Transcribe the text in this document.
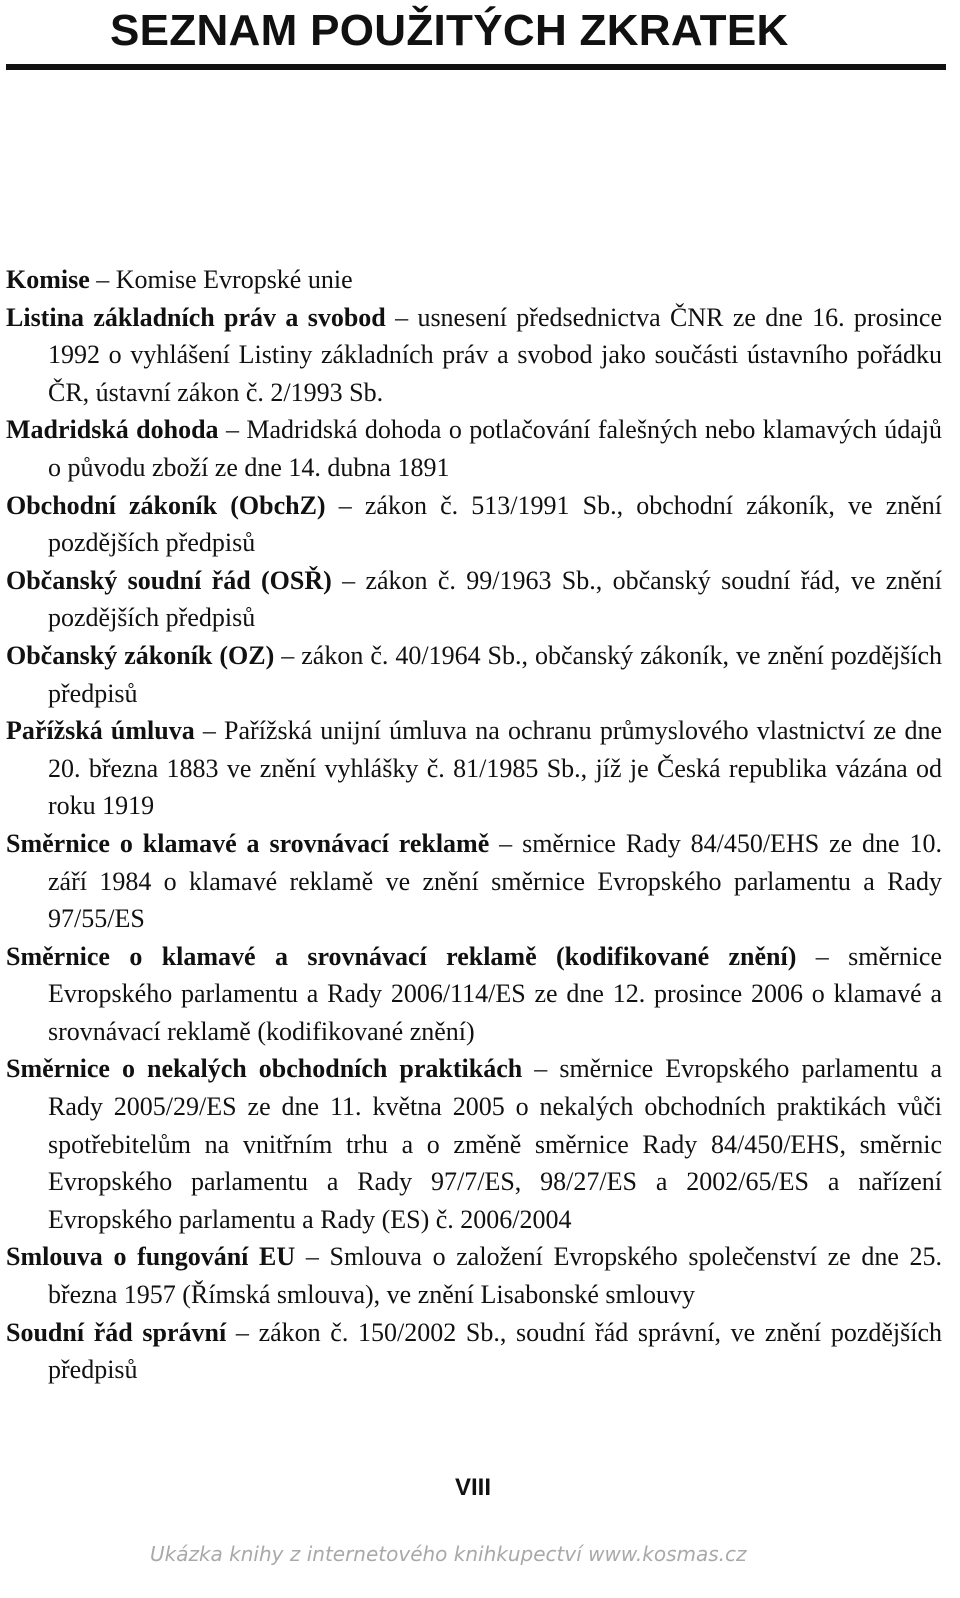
SEZNAM POUŽITÝCH ZKRATEK
Komise – Komise Evropské unie
Listina základních práv a svobod – usnesení předsednictva ČNR ze dne 16. prosince 1992 o vyhlášení Listiny základních práv a svobod jako součásti ústavního pořádku ČR, ústavní zákon č. 2/1993 Sb.
Madridská dohoda – Madridská dohoda o potlačování falešných nebo klamavých údajů o původu zboží ze dne 14. dubna 1891
Obchodní zákoník (ObchZ) – zákon č. 513/1991 Sb., obchodní zákoník, ve znění pozdějších předpisů
Občanský soudní řád (OSŘ) – zákon č. 99/1963 Sb., občanský soudní řád, ve znění pozdějších předpisů
Občanský zákoník (OZ) – zákon č. 40/1964 Sb., občanský zákoník, ve znění pozdějších předpisů
Pařížská úmluva – Pařížská unijní úmluva na ochranu průmyslového vlastnictví ze dne 20. března 1883 ve znění vyhlášky č. 81/1985 Sb., jíž je Česká republika vázána od roku 1919
Směrnice o klamavé a srovnávací reklamě – směrnice Rady 84/450/EHS ze dne 10. září 1984 o klamavé reklamě ve znění směrnice Evropského parlamentu a Rady 97/55/ES
Směrnice o klamavé a srovnávací reklamě (kodifikované znění) – směrnice Evropského parlamentu a Rady 2006/114/ES ze dne 12. prosince 2006 o klamavé a srovnávací reklamě (kodifikované znění)
Směrnice o nekalých obchodních praktikách – směrnice Evropského parlamentu a Rady 2005/29/ES ze dne 11. května 2005 o nekalých obchodních praktikách vůči spotřebitelům na vnitřním trhu a o změně směrnice Rady 84/450/EHS, směrnic Evropského parlamentu a Rady 97/7/ES, 98/27/ES a 2002/65/ES a nařízení Evropského parlamentu a Rady (ES) č. 2006/2004
Smlouva o fungování EU – Smlouva o založení Evropského společenství ze dne 25. března 1957 (Římská smlouva), ve znění Lisabonské smlouvy
Soudní řád správní – zákon č. 150/2002 Sb., soudní řád správní, ve znění pozdějších předpisů
VIII
Ukázka knihy z internetového knihkupectví www.kosmas.cz
